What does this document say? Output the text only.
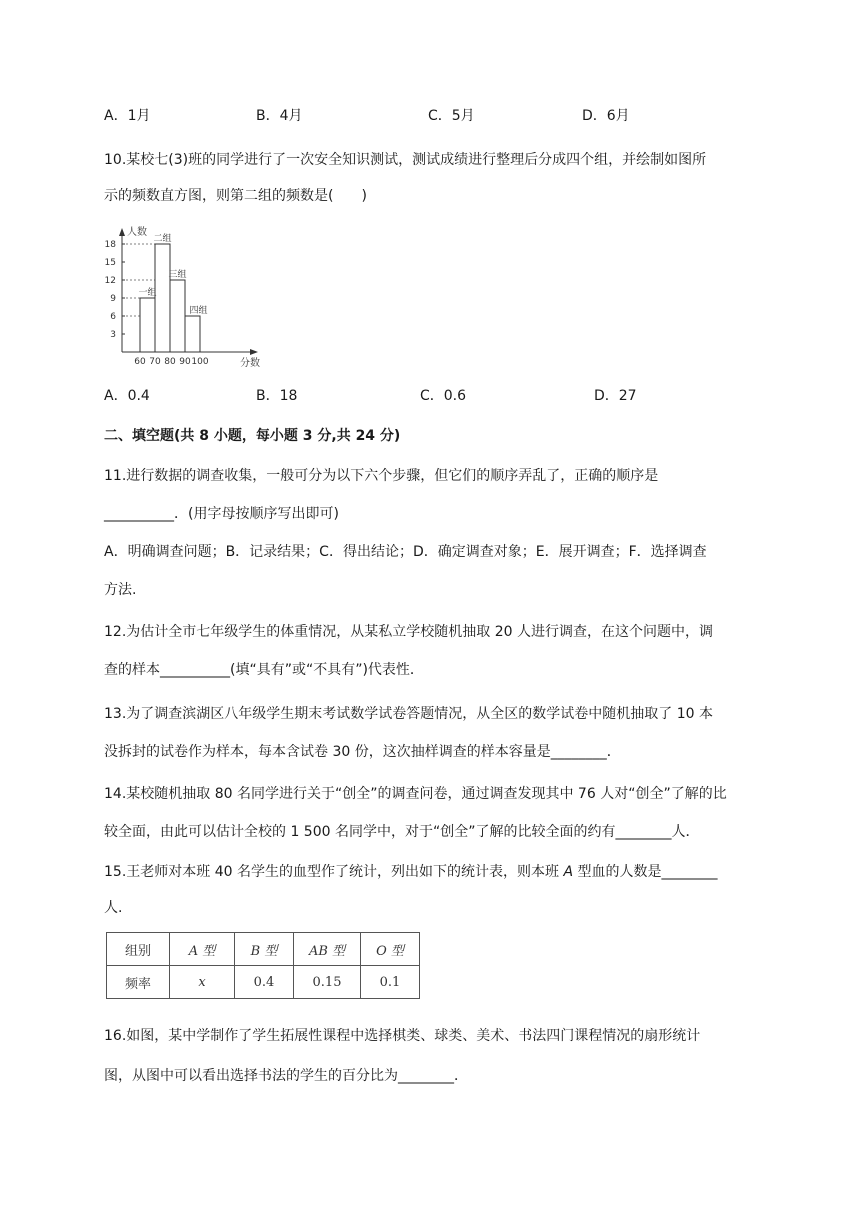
A．1月	B．4月	C．5月	D．6月
10.某校七(3)班的同学进行了一次安全知识测试，测试成绩进行整理后分成四个组，并绘制如图所
示的频数直方图，则第二组的频数是(　　)
3
6
9
12
15
18
一组
二组
三组
四组
60 70 80 90 100
人数
分数
A．0.4	B．18	C．0.6	D．27
二、填空题(共 8 小题，每小题 3 分,共 24 分)
11.进行数据的调查收集，一般可分为以下六个步骤，但它们的顺序弄乱了，正确的顺序是
__________．(用字母按顺序写出即可)
A．明确调查问题；B．记录结果；C．得出结论；D．确定调查对象；E．展开调查；F．选择调查
方法.
12.为估计全市七年级学生的体重情况，从某私立学校随机抽取 20 人进行调查，在这个问题中，调
查的样本__________(填“具有”或“不具有”)代表性．
13.为了调查滨湖区八年级学生期末考试数学试卷答题情况，从全区的数学试卷中随机抽取了 10 本
没拆封的试卷作为样本，每本含试卷 30 份，这次抽样调查的样本容量是________．
14.某校随机抽取 80 名同学进行关于“创全”的调查问卷，通过调查发现其中 76 人对“创全”了解的比
较全面，由此可以估计全校的 1 500 名同学中，对于“创全”了解的比较全面的约有________人．
15.王老师对本班 40 名学生的血型作了统计，列出如下的统计表，则本班 A 型血的人数是________
人.
组别	A 型	B 型	AB 型	O 型
频率	x	0.4	0.15	0.1
16.如图，某中学制作了学生拓展性课程中选择棋类、球类、美术、书法四门课程情况的扇形统计
图，从图中可以看出选择书法的学生的百分比为________．
